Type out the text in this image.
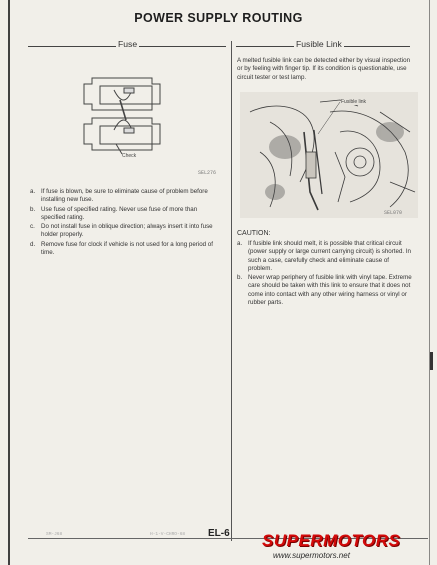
POWER SUPPLY ROUTING
Fuse	Fusible Link
Check
SEL276
a. If fuse is blown, be sure to eliminate cause of problem before installing new fuse.
b. Use fuse of specified rating. Never use fuse of more than specified rating.
c. Do not install fuse in oblique direction; always insert it into fuse holder properly.
d. Remove fuse for clock if vehicle is not used for a long period of time.
A melted fusible link can be detected either by visual inspection or by feeling with finger tip. If its condition is questionable, use circuit tester or test lamp.
Fusible link
SEL070
CAUTION:
a. If fusible link should melt, it is possible that critical circuit (power supply or large current carrying circuit) is shorted. In such a case, carefully check and eliminate cause of problem.
b. Never wrap periphery of fusible link with vinyl tape. Extreme care should be taken with this link to ensure that it does not come into contact with any other wiring harness or vinyl or rubber parts.
SM-J68	H-1-V-CHRO-68 EL-6 SUPERMOTORS
www.supermotors.net
